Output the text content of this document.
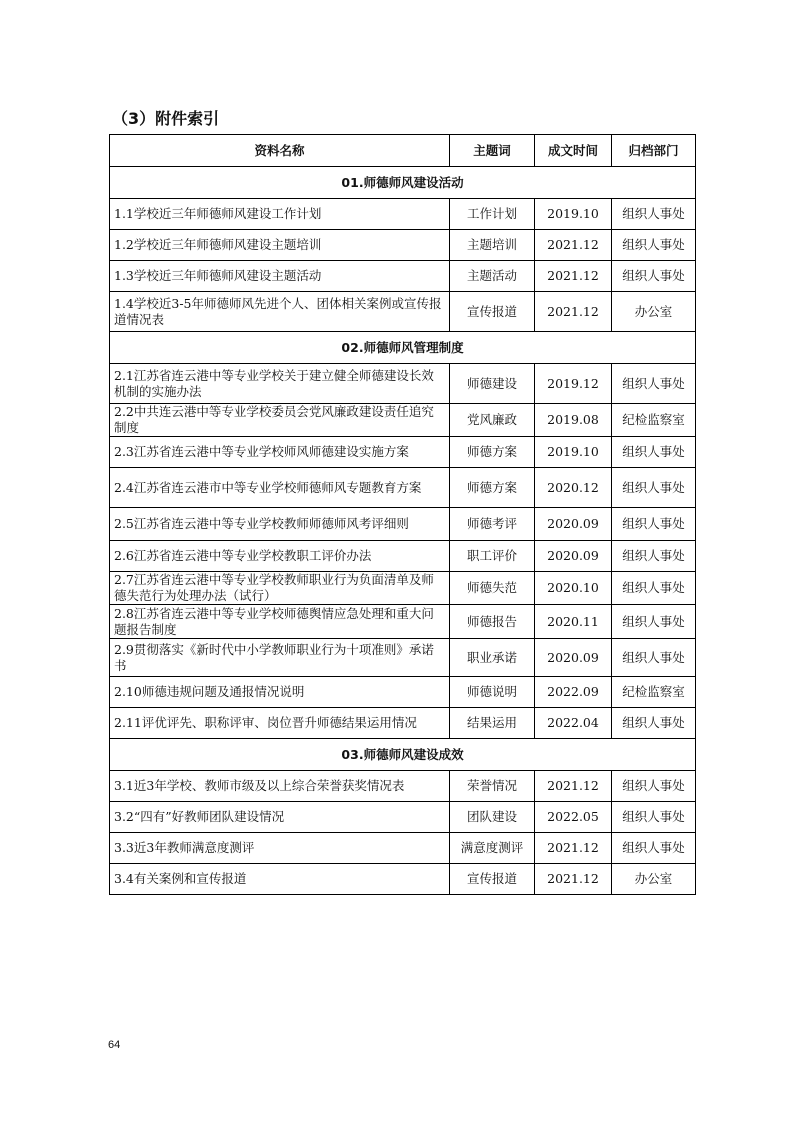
（3）附件索引
资料名称	主题词	成文时间	归档部门
01.师德师风建设活动			
1.1学校近三年师德师风建设工作计划	工作计划	2019.10	组织人事处
1.2学校近三年师德师风建设主题培训	主题培训	2021.12	组织人事处
1.3学校近三年师德师风建设主题活动	主题活动	2021.12	组织人事处
1.4学校近3-5年师德师风先进个人、团体相关案例或宣传报道情况表	宣传报道	2021.12	办公室
02.师德师风管理制度			
2.1江苏省连云港中等专业学校关于建立健全师德建设长效机制的实施办法	师德建设	2019.12	组织人事处
2.2中共连云港中等专业学校委员会党风廉政建设责任追究制度	党风廉政	2019.08	纪检监察室
2.3江苏省连云港中等专业学校师风师德建设实施方案	师德方案	2019.10	组织人事处
2.4江苏省连云港市中等专业学校师德师风专题教育方案	师德方案	2020.12	组织人事处
2.5江苏省连云港中等专业学校教师师德师风考评细则	师德考评	2020.09	组织人事处
2.6江苏省连云港中等专业学校教职工评价办法	职工评价	2020.09	组织人事处
2.7江苏省连云港中等专业学校教师职业行为负面清单及师德失范行为处理办法（试行）	师德失范	2020.10	组织人事处
2.8江苏省连云港中等专业学校师德舆情应急处理和重大问题报告制度	师德报告	2020.11	组织人事处
2.9贯彻落实《新时代中小学教师职业行为十项准则》承诺书	职业承诺	2020.09	组织人事处
2.10师德违规问题及通报情况说明	师德说明	2022.09	纪检监察室
2.11评优评先、职称评审、岗位晋升师德结果运用情况	结果运用	2022.04	组织人事处
03.师德师风建设成效			
3.1近3年学校、教师市级及以上综合荣誉获奖情况表	荣誉情况	2021.12	组织人事处
3.2“四有”好教师团队建设情况	团队建设	2022.05	组织人事处
3.3近3年教师满意度测评	满意度测评	2021.12	组织人事处
3.4有关案例和宣传报道	宣传报道	2021.12	办公室
64
